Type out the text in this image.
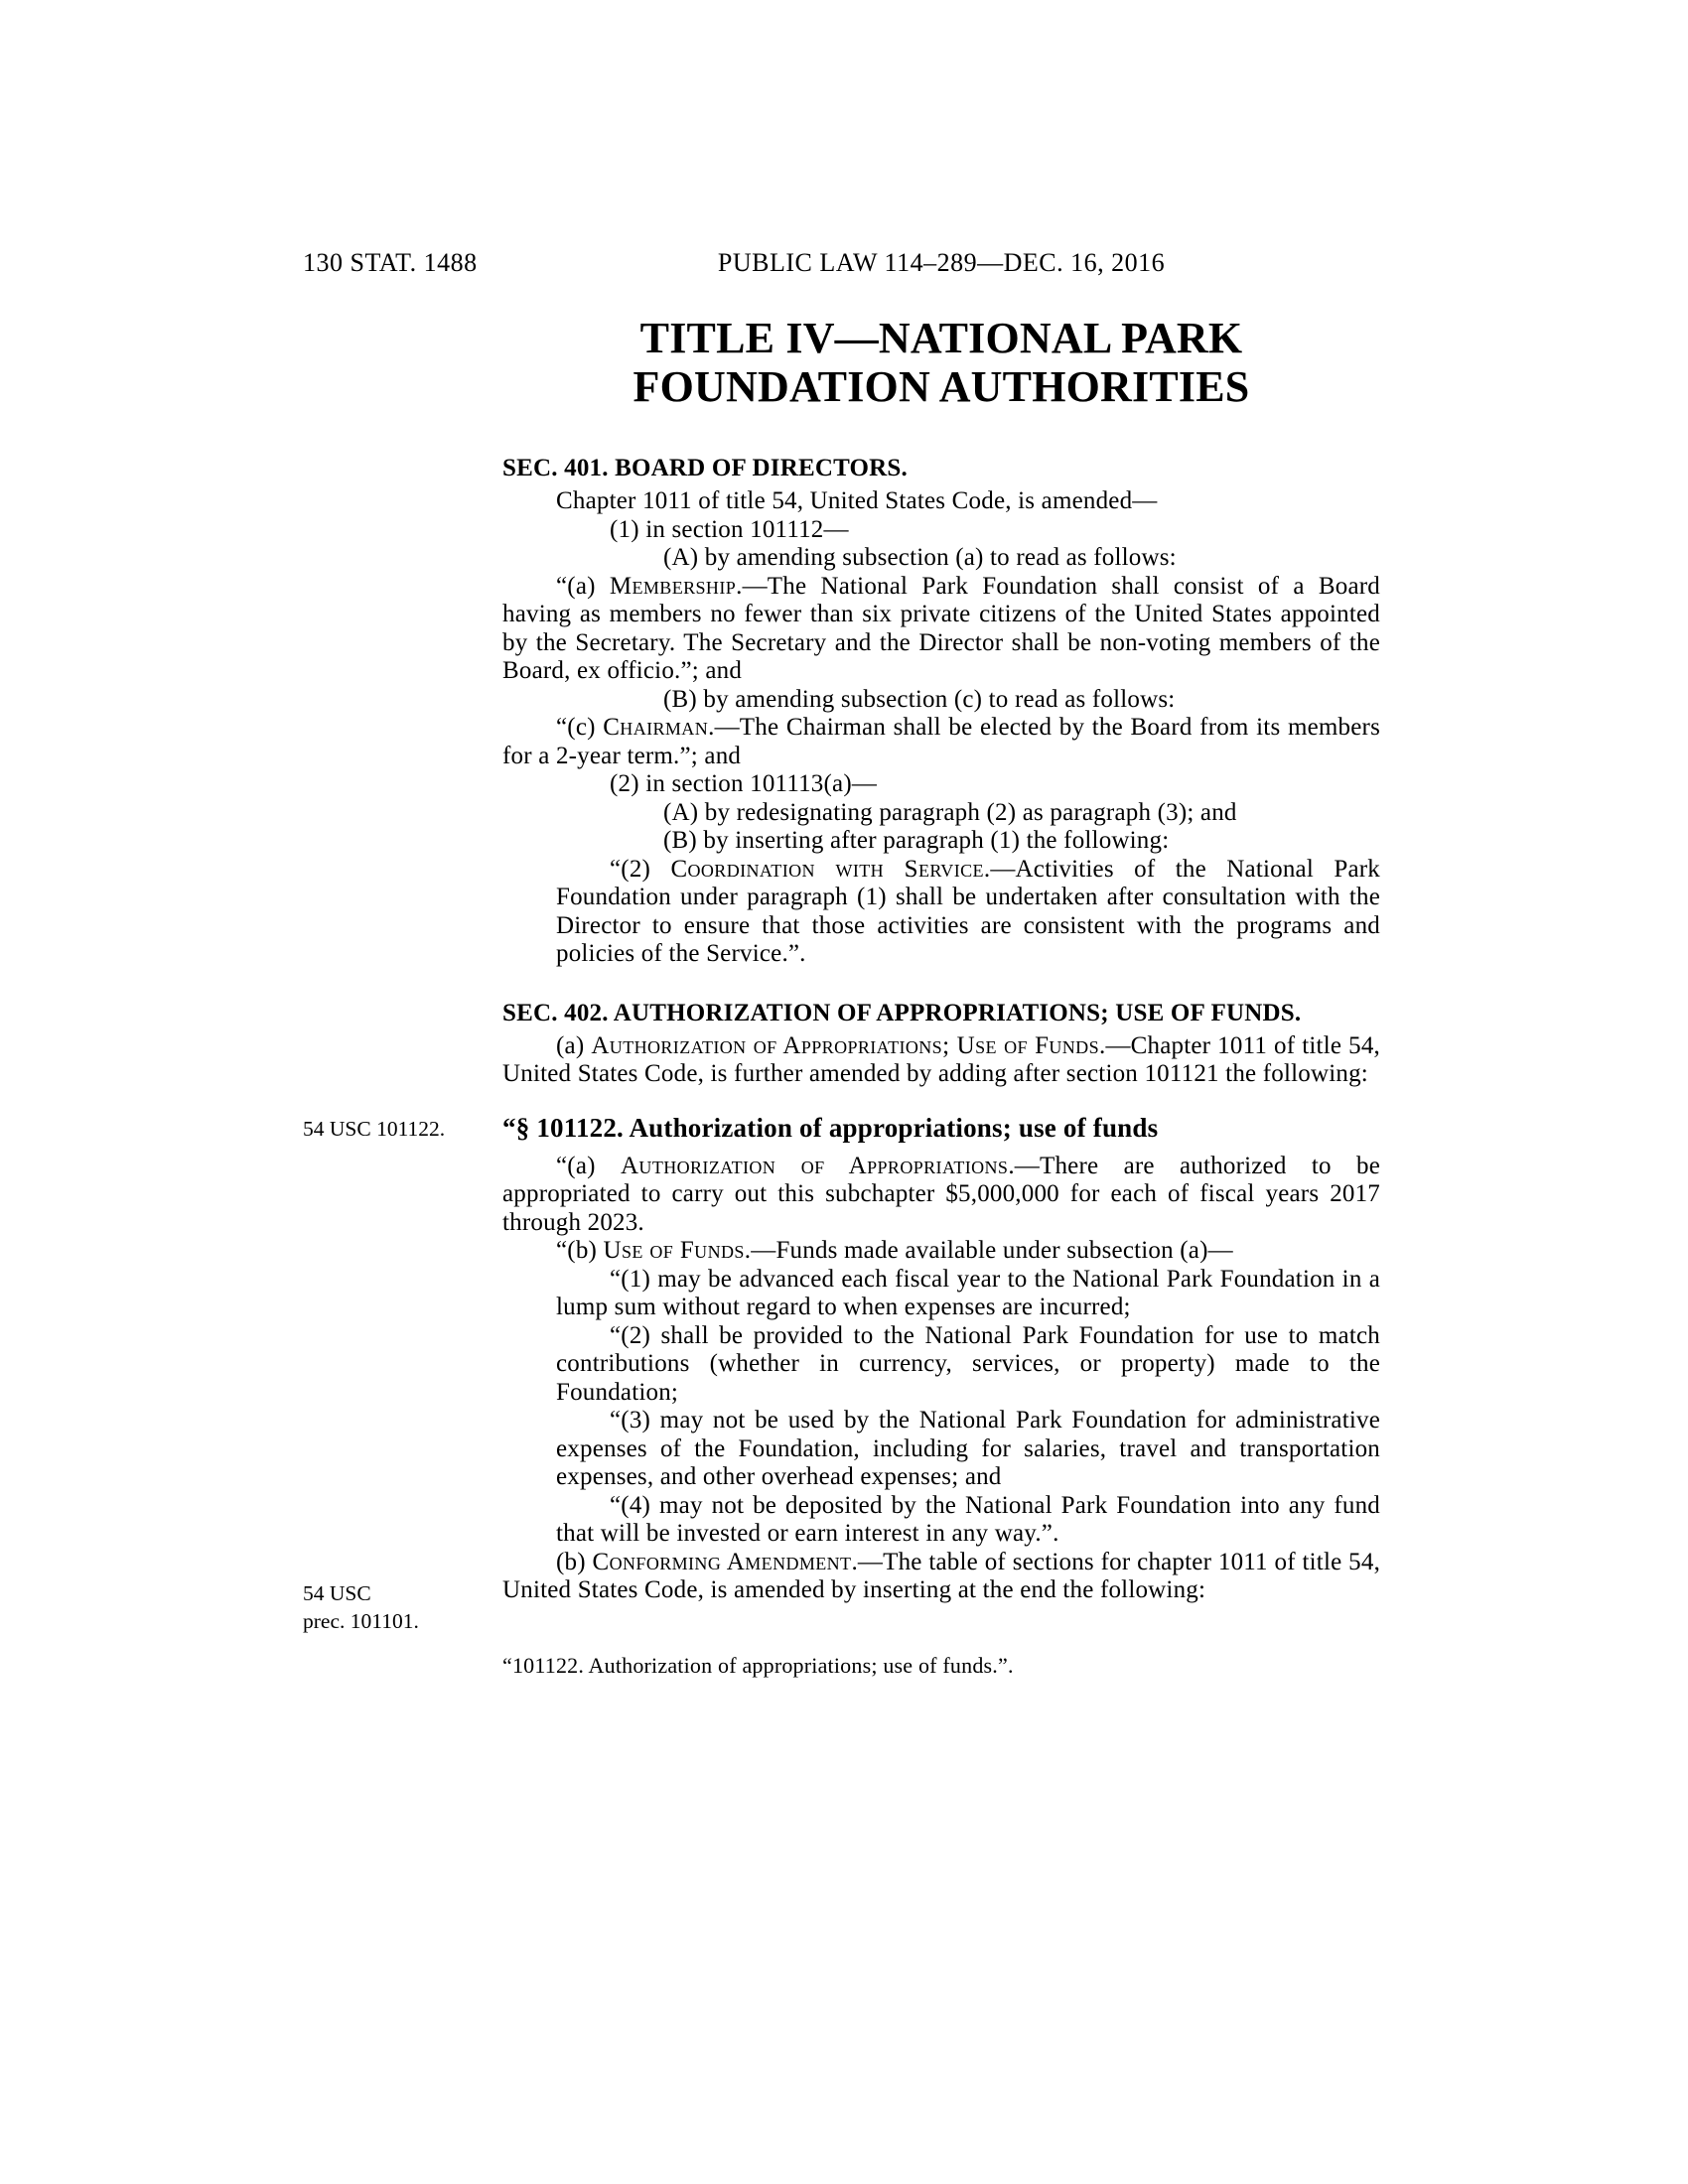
130 STAT. 1488	PUBLIC LAW 114–289—DEC. 16, 2016
TITLE IV—NATIONAL PARK
FOUNDATION AUTHORITIES
SEC. 401. BOARD OF DIRECTORS.
Chapter 1011 of title 54, United States Code, is amended—
(1) in section 101112—
(A) by amending subsection (a) to read as follows:
“(a) Membership.—The National Park Foundation shall consist of a Board having as members no fewer than six private citizens of the United States appointed by the Secretary. The Secretary and the Director shall be non-voting members of the Board, ex officio.”; and
(B) by amending subsection (c) to read as follows:
“(c) Chairman.—The Chairman shall be elected by the Board from its members for a 2-year term.”; and
(2) in section 101113(a)—
(A) by redesignating paragraph (2) as paragraph (3); and
(B) by inserting after paragraph (1) the following:
“(2) Coordination with Service.—Activities of the National Park Foundation under paragraph (1) shall be undertaken after consultation with the Director to ensure that those activities are consistent with the programs and policies of the Service.”.
SEC. 402. AUTHORIZATION OF APPROPRIATIONS; USE OF FUNDS.
(a) Authorization of Appropriations; Use of Funds.—Chapter 1011 of title 54, United States Code, is further amended by adding after section 101121 the following:
“§ 101122. Authorization of appropriations; use of funds
“(a) Authorization of Appropriations.—There are authorized to be appropriated to carry out this subchapter $5,000,000 for each of fiscal years 2017 through 2023.
“(b) Use of Funds.—Funds made available under subsection (a)—
“(1) may be advanced each fiscal year to the National Park Foundation in a lump sum without regard to when expenses are incurred;
“(2) shall be provided to the National Park Foundation for use to match contributions (whether in currency, services, or property) made to the Foundation;
“(3) may not be used by the National Park Foundation for administrative expenses of the Foundation, including for salaries, travel and transportation expenses, and other overhead expenses; and
“(4) may not be deposited by the National Park Foundation into any fund that will be invested or earn interest in any way.”.
(b) Conforming Amendment.—The table of sections for chapter 1011 of title 54, United States Code, is amended by inserting at the end the following:
“101122. Authorization of appropriations; use of funds.”.
54 USC 101122.
54 USC
prec. 101101.
